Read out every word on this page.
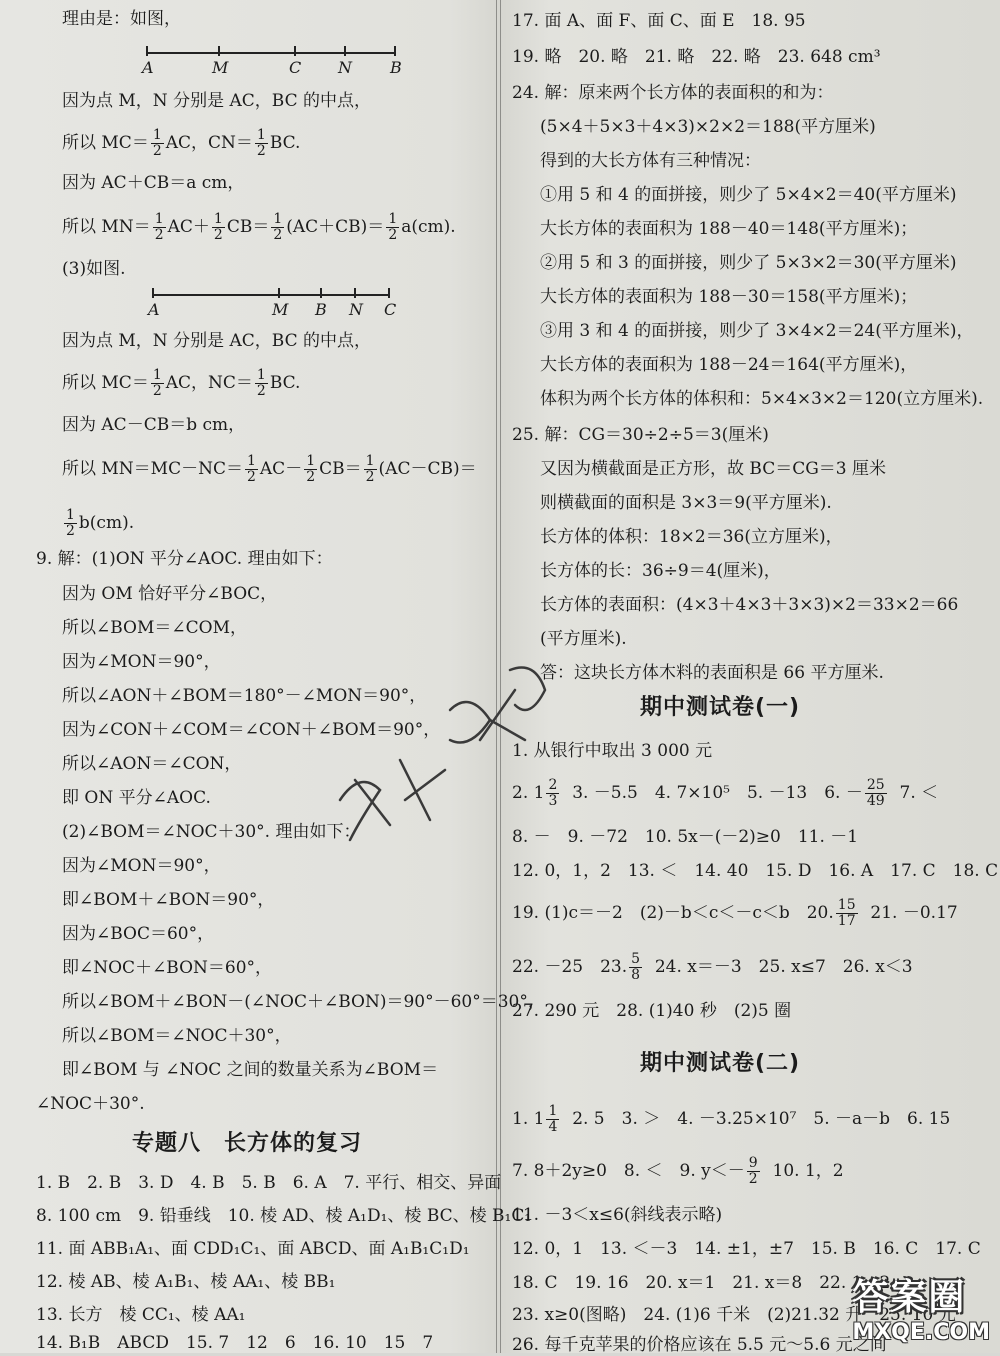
理由是：如图，
A	M	C N B
因为点 M，N 分别是 AC，BC 的中点，
所以 $MC= \frac{1}{2}$ AC，$CN= \frac{1}{2}$ BC.
因为 AC＋CB＝a cm，
所以 $MN= \frac{1}{2} AC+ \frac{1}{2} CB= \frac{1}{2} (AC+CB)= \frac{1}{2} a(cm)$.
(3)如图.
A	M B N C
因为点 M，N 分别是 AC，BC 的中点，
所以 $MC= \frac{1}{2}$ AC，$NC= \frac{1}{2}$ BC.
因为 AC－CB＝b cm，
所以 $MN=MC-NC= \frac{1}{2} AC- \frac{1}{2} CB= \frac{1}{2} (AC-CB)=$
$\frac{1}{2} b(cm)$.
9. 解：(1)ON 平分∠AOC. 理由如下：
因为 OM 恰好平分∠BOC，
所以∠BOM＝∠COM，
因为∠MON＝90°，
所以∠AON＋∠BOM＝180°－∠MON＝90°，
因为∠CON＋∠COM＝∠CON＋∠BOM＝90°，
所以∠AON＝∠CON，
即 ON 平分∠AOC.
(2)∠BOM＝∠NOC＋30°. 理由如下：
因为∠MON＝90°，
即∠BOM＋∠BON＝90°，
因为∠BOC＝60°，
即∠NOC＋∠BON＝60°，
所以∠BOM＋∠BON－(∠NOC＋∠BON)＝90°－60°＝30°，
所以∠BOM＝∠NOC＋30°，
即∠BOM 与 ∠NOC 之间的数量关系为∠BOM＝
∠NOC＋30°.
专题八　长方体的复习
1. B　2. B　3. D　4. B　5. B　6. A　7. 平行、相交、异面
8. 100 cm　9. 铅垂线　10. 棱 AD、棱 A₁D₁、棱 BC、棱 B₁C₁
11. 面 ABB₁A₁、面 CDD₁C₁、面 ABCD、面 A₁B₁C₁D₁
12. 棱 AB、棱 A₁B₁、棱 AA₁、棱 BB₁
13. 长方　棱 CC₁、棱 AA₁
14. B₁B　ABCD　15. 7　12　6　16. 10　15　7
17. 面 A、面 F、面 C、面 E　18. 95
19. 略　20. 略　21. 略　22. 略　23. 648 cm³
24. 解：原来两个长方体的表面积的和为：
(5×4＋5×3＋4×3)×2×2＝188(平方厘米)
得到的大长方体有三种情况：
①用 5 和 4 的面拼接，则少了 5×4×2＝40(平方厘米)
大长方体的表面积为 188－40＝148(平方厘米)；
②用 5 和 3 的面拼接，则少了 5×3×2＝30(平方厘米)
大长方体的表面积为 188－30＝158(平方厘米)；
③用 3 和 4 的面拼接，则少了 3×4×2＝24(平方厘米)，
大长方体的表面积为 188－24＝164(平方厘米)，
体积为两个长方体的体积和：5×4×3×2＝120(立方厘米).
25. 解：CG＝30÷2÷5＝3(厘米)
又因为横截面是正方形，故 BC＝CG＝3 厘米
则横截面的面积是 3×3＝9(平方厘米).
长方体的体积：18×2＝36(立方厘米)，
长方体的长：36÷9＝4(厘米)，
长方体的表面积：(4×3＋4×3＋3×3)×2＝33×2＝66
(平方厘米).
答：这块长方体木料的表面积是 66 平方厘米.
期中测试卷(一)
1. 从银行中取出 3 000 元
2. $1 \frac{2}{3} 3$. －5.5　4. 7×10⁵　5. －13　6. － $\frac{25}{49} 7$. ＜
8. －　9. －72　10. 5x－(－2)≥0　11. －1
12. 0，1，2　13. ＜　14. 40　15. D　16. A　17. C　18. C
19. (1)c＝－2　(2)－b＜c＜－c＜b　20. $\frac{15}{17} 21$. －0.17
22. －25　23. $\frac{5}{8} 24$. x＝－3　25. x≤7　26. x＜3
27. 290 元　28. (1)40 秒　(2)5 圈
期中测试卷(二)
1. $1 \frac{1}{4} 2$. 5　3. ＞　4. －3.25×10⁷　5. －a－b　6. 15
7. 8＋2y≥0　8. ＜　9. $y<- \frac{9}{2} 10$. 1，2
11. －3＜x≤6(斜线表示略)
12. 0，1　13. ＜－3　14. ±1，±7　15. B　16. C　17. C
18. C　19. 16　20. x＝1　21. x＝8　22. 1，2
23. x≥0(图略)　24. (1)6 千米　(2)21.32 升　25. 10 元
26. 每千克苹果的价格应该在 5.5 元～5.6 元之间
答案圈
MXQE.COM
